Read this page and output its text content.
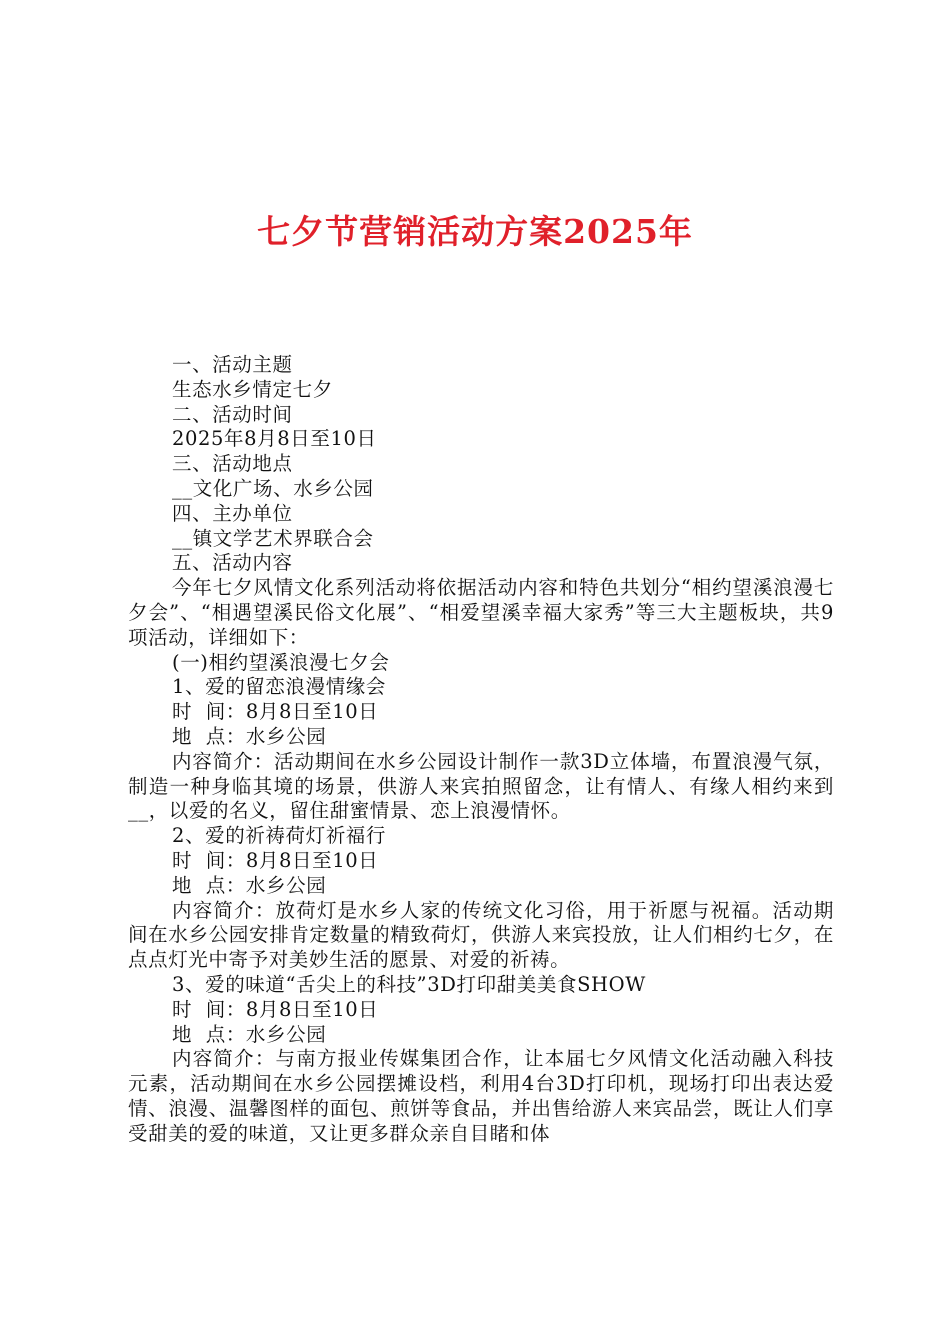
七夕节营销活动方案2025年

一、活动主题

生态水乡情定七夕

二、活动时间

2025年8月8日至10日

三、活动地点

__文化广场、水乡公园

四、主办单位

__镇文学艺术界联合会

五、活动内容

今年七夕风情文化系列活动将依据活动内容和特色共划分“相约望溪浪漫七夕会”、“相遇望溪民俗文化展”、“相爱望溪幸福大家秀”等三大主题板块，共9项活动，详细如下：

(一)相约望溪浪漫七夕会

1、爱的留恋浪漫情缘会

时  间：8月8日至10日

地  点：水乡公园

内容简介：活动期间在水乡公园设计制作一款3D立体墙，布置浪漫气氛，制造一种身临其境的场景，供游人来宾拍照留念，让有情人、有缘人相约来到__，以爱的名义，留住甜蜜情景、恋上浪漫情怀。

2、爱的祈祷荷灯祈福行

时  间：8月8日至10日

地  点：水乡公园

内容简介：放荷灯是水乡人家的传统文化习俗，用于祈愿与祝福。活动期间在水乡公园安排肯定数量的精致荷灯，供游人来宾投放，让人们相约七夕，在点点灯光中寄予对美妙生活的愿景、对爱的祈祷。

3、爱的味道“舌尖上的科技”3D打印甜美美食SHOW

时  间：8月8日至10日

地  点：水乡公园

内容简介：与南方报业传媒集团合作，让本届七夕风情文化活动融入科技元素，活动期间在水乡公园摆摊设档，利用4台3D打印机，现场打印出表达爱情、浪漫、温馨图样的面包、煎饼等食品，并出售给游人来宾品尝，既让人们享受甜美的爱的味道，又让更多群众亲自目睹和体
